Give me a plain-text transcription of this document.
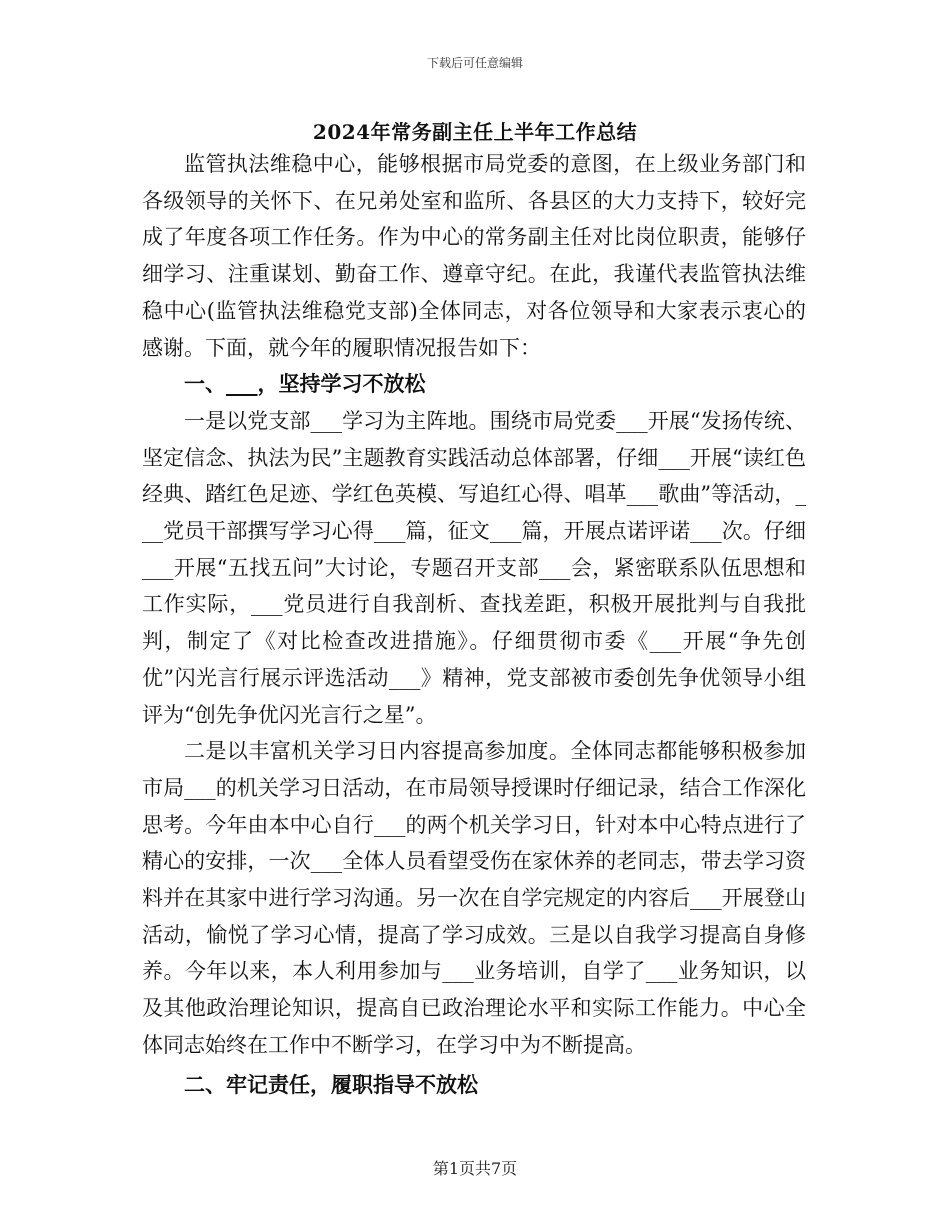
下载后可任意编辑
2024年常务副主任上半年工作总结

监管执法维稳中心，能够根据市局党委的意图，在上级业务部门和各级领导的关怀下、在兄弟处室和监所、各县区的大力支持下，较好完成了年度各项工作任务。作为中心的常务副主任对比岗位职责，能够仔细学习、注重谋划、勤奋工作、遵章守纪。在此，我谨代表监管执法维稳中心(监管执法维稳党支部)全体同志，对各位领导和大家表示衷心的感谢。下面，就今年的履职情况报告如下：

一、___，坚持学习不放松

一是以党支部___学习为主阵地。围绕市局党委___开展“发扬传统、坚定信念、执法为民”主题教育实践活动总体部署，仔细___开展“读红色经典、踏红色足迹、学红色英模、写追红心得、唱革___歌曲”等活动，___党员干部撰写学习心得___篇，征文___篇，开展点诺评诺___次。仔细___开展“五找五问”大讨论，专题召开支部___会，紧密联系队伍思想和工作实际，___党员进行自我剖析、查找差距，积极开展批判与自我批判，制定了《对比检查改进措施》。仔细贯彻市委《___开展“争先创优”闪光言行展示评选活动___》精神，党支部被市委创先争优领导小组评为“创先争优闪光言行之星”。

二是以丰富机关学习日内容提高参加度。全体同志都能够积极参加市局___的机关学习日活动，在市局领导授课时仔细记录，结合工作深化思考。今年由本中心自行___的两个机关学习日，针对本中心特点进行了精心的安排，一次___全体人员看望受伤在家休养的老同志，带去学习资料并在其家中进行学习沟通。另一次在自学完规定的内容后___开展登山活动，愉悦了学习心情，提高了学习成效。三是以自我学习提高自身修养。今年以来，本人利用参加与___业务培训，自学了___业务知识，以及其他政治理论知识，提高自已政治理论水平和实际工作能力。中心全体同志始终在工作中不断学习，在学习中为不断提高。

二、牢记责任，履职指导不放松

第1页共7页
